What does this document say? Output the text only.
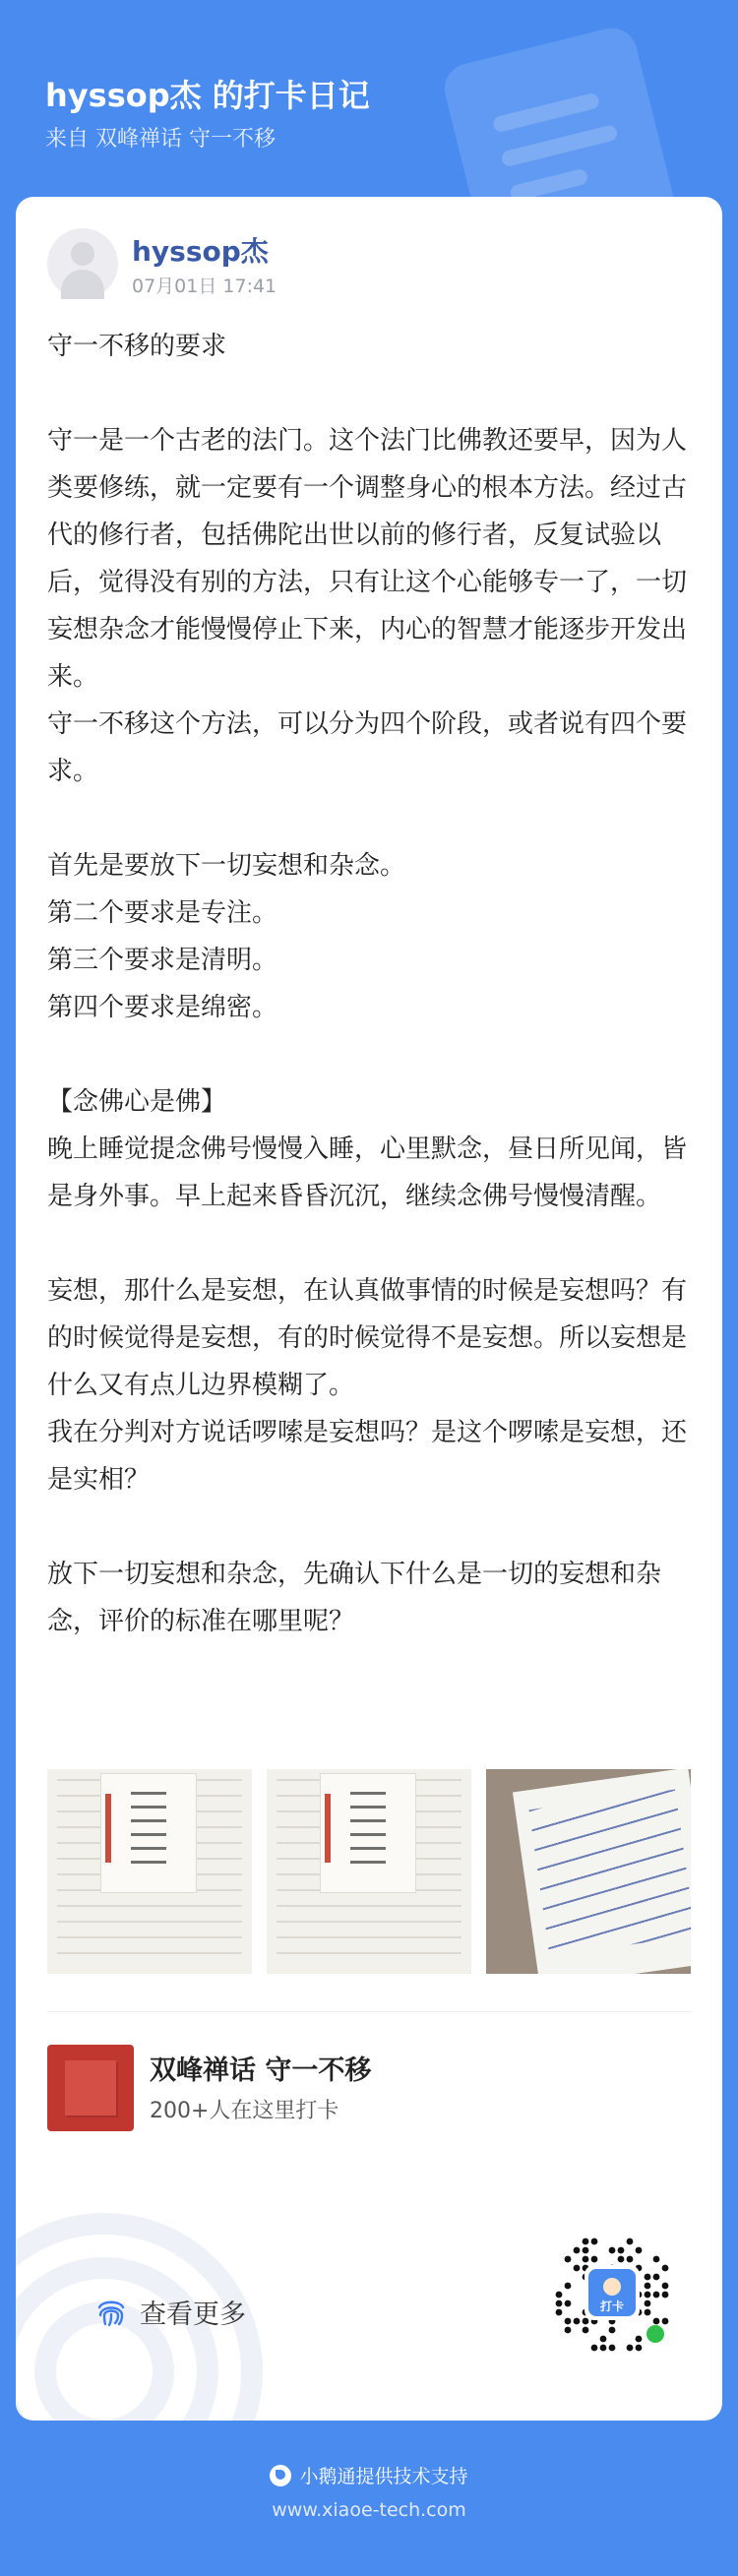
hyssop杰 的打卡日记
来自 双峰禅话 守一不移
hyssop杰
07月01日 17:41
守一不移的要求

守一是一个古老的法门。这个法门比佛教还要早，因为人类要修练，就一定要有一个调整身心的根本方法。经过古代的修行者，包括佛陀出世以前的修行者，反复试验以后，觉得没有别的方法，只有让这个心能够专一了，一切妄想杂念才能慢慢停止下来，内心的智慧才能逐步开发出来。
守一不移这个方法，可以分为四个阶段，或者说有四个要求。

首先是要放下一切妄想和杂念。
第二个要求是专注。
第三个要求是清明。
第四个要求是绵密。

【念佛心是佛】
晚上睡觉提念佛号慢慢入睡，心里默念，昼日所见闻，皆是身外事。早上起来昏昏沉沉，继续念佛号慢慢清醒。

妄想，那什么是妄想，在认真做事情的时候是妄想吗？有的时候觉得是妄想，有的时候觉得不是妄想。所以妄想是什么又有点儿边界模糊了。
我在分判对方说话啰嗦是妄想吗？是这个啰嗦是妄想，还是实相？

放下一切妄想和杂念，先确认下什么是一切的妄想和杂念，评价的标准在哪里呢？
双峰禅话 守一不移
200+人在这里打卡
查看更多	打卡
小鹅通提供技术支持
www.xiaoe-tech.com
